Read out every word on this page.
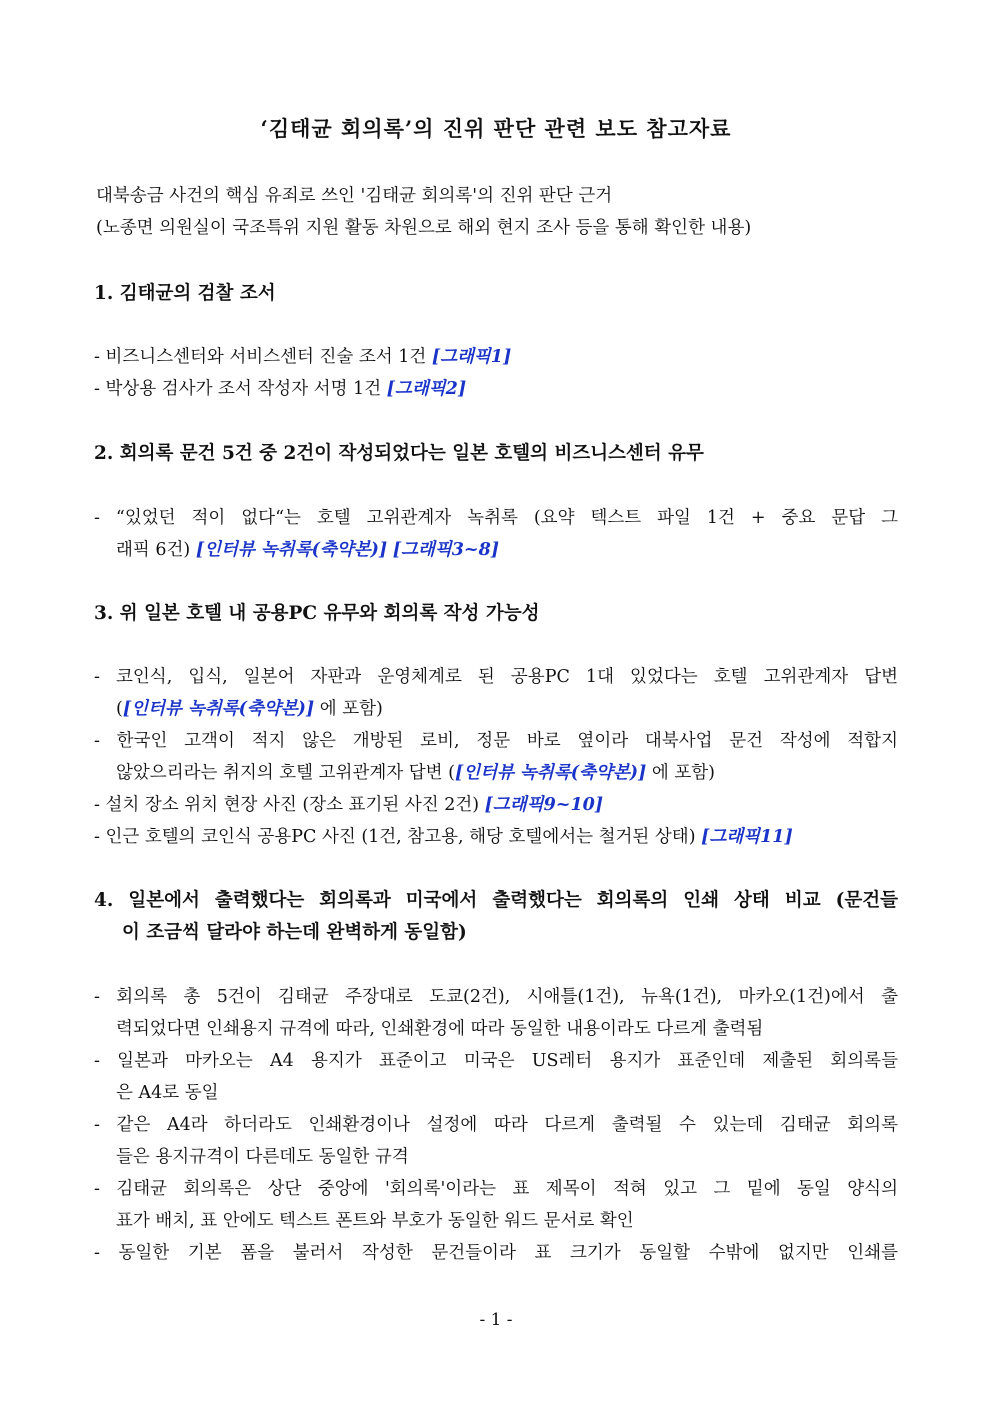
‘김태균 회의록’의 진위 판단 관련 보도 참고자료
대북송금 사건의 핵심 유죄로 쓰인 '김태균 회의록'의 진위 판단 근거
(노종면 의원실이 국조특위 지원 활동 차원으로 해외 현지 조사 등을 통해 확인한 내용)
1. 김태균의 검찰 조서
- 비즈니스센터와 서비스센터 진술 조서 1건 [그래픽1]
- 박상용 검사가 조서 작성자 서명 1건 [그래픽2]
2. 회의록 문건 5건 중 2건이 작성되었다는 일본 호텔의 비즈니스센터 유무
- “있었던 적이 없다“는 호텔 고위관계자 녹취록 (요약 텍스트 파일 1건 + 중요 문답 그
래픽 6건) [인터뷰 녹취록(축약본)] [그래픽3~8]
3. 위 일본 호텔 내 공용PC 유무와 회의록 작성 가능성
- 코인식, 입식, 일본어 자판과 운영체계로 된 공용PC 1대 있었다는 호텔 고위관계자 답변
([인터뷰 녹취록(축약본)] 에 포함)
- 한국인 고객이 적지 않은 개방된 로비, 정문 바로 옆이라 대북사업 문건 작성에 적합지
않았으리라는 취지의 호텔 고위관계자 답변 ([인터뷰 녹취록(축약본)] 에 포함)
- 설치 장소 위치 현장 사진 (장소 표기된 사진 2건) [그래픽9~10]
- 인근 호텔의 코인식 공용PC 사진 (1건, 참고용, 해당 호텔에서는 철거된 상태) [그래픽11]
4. 일본에서 출력했다는 회의록과 미국에서 출력했다는 회의록의 인쇄 상태 비교 (문건들
이 조금씩 달라야 하는데 완벽하게 동일함)
- 회의록 총 5건이 김태균 주장대로 도쿄(2건), 시애틀(1건), 뉴욕(1건), 마카오(1건)에서 출
력되었다면 인쇄용지 규격에 따라, 인쇄환경에 따라 동일한 내용이라도 다르게 출력됨
- 일본과 마카오는 A4 용지가 표준이고 미국은 US레터 용지가 표준인데 제출된 회의록들
은 A4로 동일
- 같은 A4라 하더라도 인쇄환경이나 설정에 따라 다르게 출력될 수 있는데 김태균 회의록
들은 용지규격이 다른데도 동일한 규격
- 김태균 회의록은 상단 중앙에 '회의록'이라는 표 제목이 적혀 있고 그 밑에 동일 양식의
표가 배치, 표 안에도 텍스트 폰트와 부호가 동일한 워드 문서로 확인
- 동일한 기본 폼을 불러서 작성한 문건들이라 표 크기가 동일할 수밖에 없지만 인쇄를
- 1 -
